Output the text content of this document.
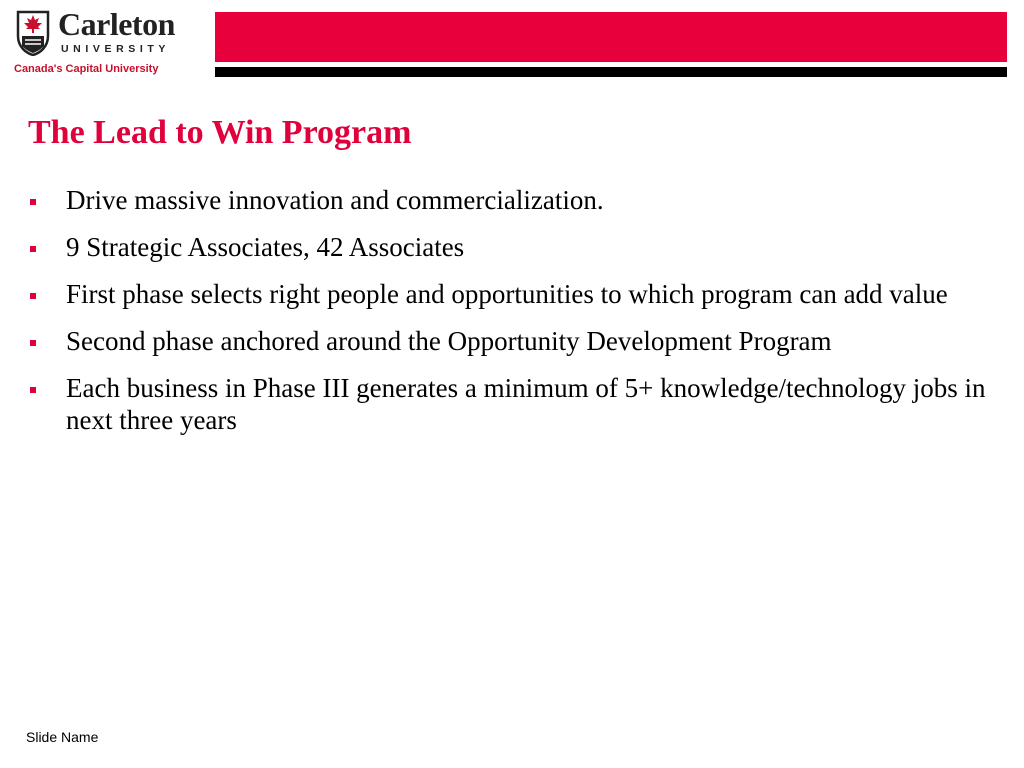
Carleton
UNIVERSITY
Canada's Capital University
The Lead to Win Program
Drive massive innovation and commercialization.
9 Strategic Associates, 42 Associates
First phase selects right people and opportunities to which program can add value
Second phase anchored around the Opportunity Development Program
Each business in Phase III generates a minimum of 5+ knowledge/technology jobs in next three years
Slide Name
